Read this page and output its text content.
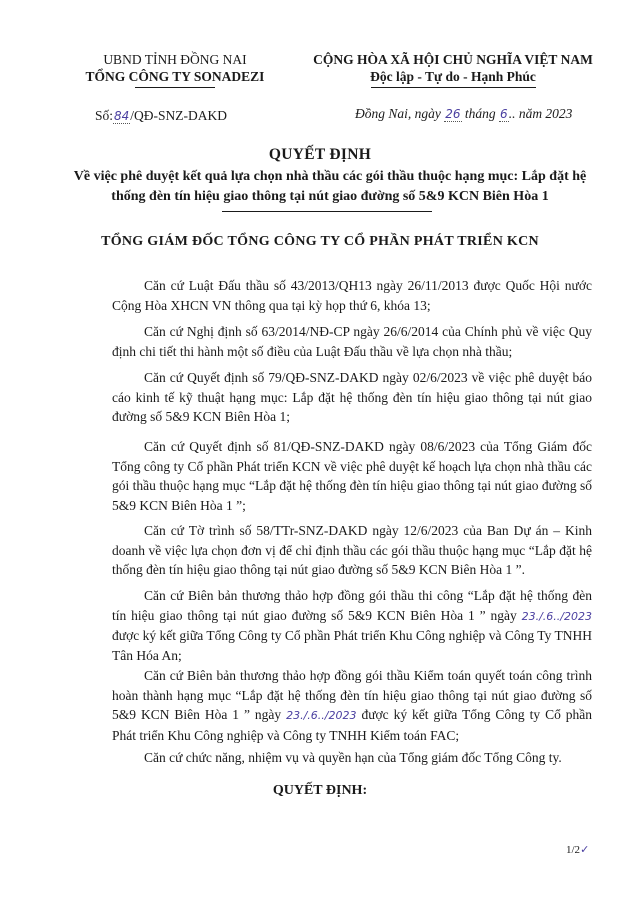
UBND TỈNH ĐỒNG NAI
TỔNG CÔNG TY SONADEZI
CỘNG HÒA XÃ HỘI CHỦ NGHĨA VIỆT NAM
Độc lập - Tự do - Hạnh Phúc
Số:84/QĐ-SNZ-DAKD	Đồng Nai, ngày 26 tháng 6.. năm 2023
QUYẾT ĐỊNH
Về việc phê duyệt kết quả lựa chọn nhà thầu các gói thầu thuộc hạng mục: Lắp đặt hệ thống đèn tín hiệu giao thông tại nút giao đường số 5&9 KCN Biên Hòa 1
TỔNG GIÁM ĐỐC TỔNG CÔNG TY CỔ PHẦN PHÁT TRIỂN KCN
Căn cứ Luật Đấu thầu số 43/2013/QH13 ngày 26/11/2013 được Quốc Hội nước Cộng Hòa XHCN VN thông qua tại kỳ họp thứ 6, khóa 13;
Căn cứ Nghị định số 63/2014/NĐ-CP ngày 26/6/2014 của Chính phủ về việc Quy định chi tiết thi hành một số điều của Luật Đấu thầu về lựa chọn nhà thầu;
Căn cứ Quyết định số 79/QĐ-SNZ-DAKD ngày 02/6/2023 về việc phê duyệt báo cáo kinh tế kỹ thuật hạng mục: Lắp đặt hệ thống đèn tín hiệu giao thông tại nút giao đường số 5&9 KCN Biên Hòa 1;
Căn cứ Quyết định số 81/QĐ-SNZ-DAKD ngày 08/6/2023 của Tổng Giám đốc Tổng công ty Cổ phần Phát triển KCN về việc phê duyệt kế hoạch lựa chọn nhà thầu các gói thầu thuộc hạng mục “Lắp đặt hệ thống đèn tín hiệu giao thông tại nút giao đường số 5&9 KCN Biên Hòa 1 ”;
Căn cứ Tờ trình số 58/TTr-SNZ-DAKD ngày 12/6/2023 của Ban Dự án – Kinh doanh về việc lựa chọn đơn vị để chỉ định thầu các gói thầu thuộc hạng mục “Lắp đặt hệ thống đèn tín hiệu giao thông tại nút giao đường số 5&9 KCN Biên Hòa 1 ”.
Căn cứ Biên bản thương thảo hợp đồng gói thầu thi công “Lắp đặt hệ thống đèn tín hiệu giao thông tại nút giao đường số 5&9 KCN Biên Hòa 1 ” ngày 23./.6../2023 được ký kết giữa Tổng Công ty Cổ phần Phát triển Khu Công nghiệp và Công Ty TNHH Tân Hóa An;
Căn cứ Biên bản thương thảo hợp đồng gói thầu Kiểm toán quyết toán công trình hoàn thành hạng mục “Lắp đặt hệ thống đèn tín hiệu giao thông tại nút giao đường số 5&9 KCN Biên Hòa 1 ” ngày 23./.6../2023 được ký kết giữa Tổng Công ty Cổ phần Phát triển Khu Công nghiệp và Công ty TNHH Kiểm toán FAC;
Căn cứ chức năng, nhiệm vụ và quyền hạn của Tổng giám đốc Tổng Công ty.
QUYẾT ĐỊNH:
1/2✓
